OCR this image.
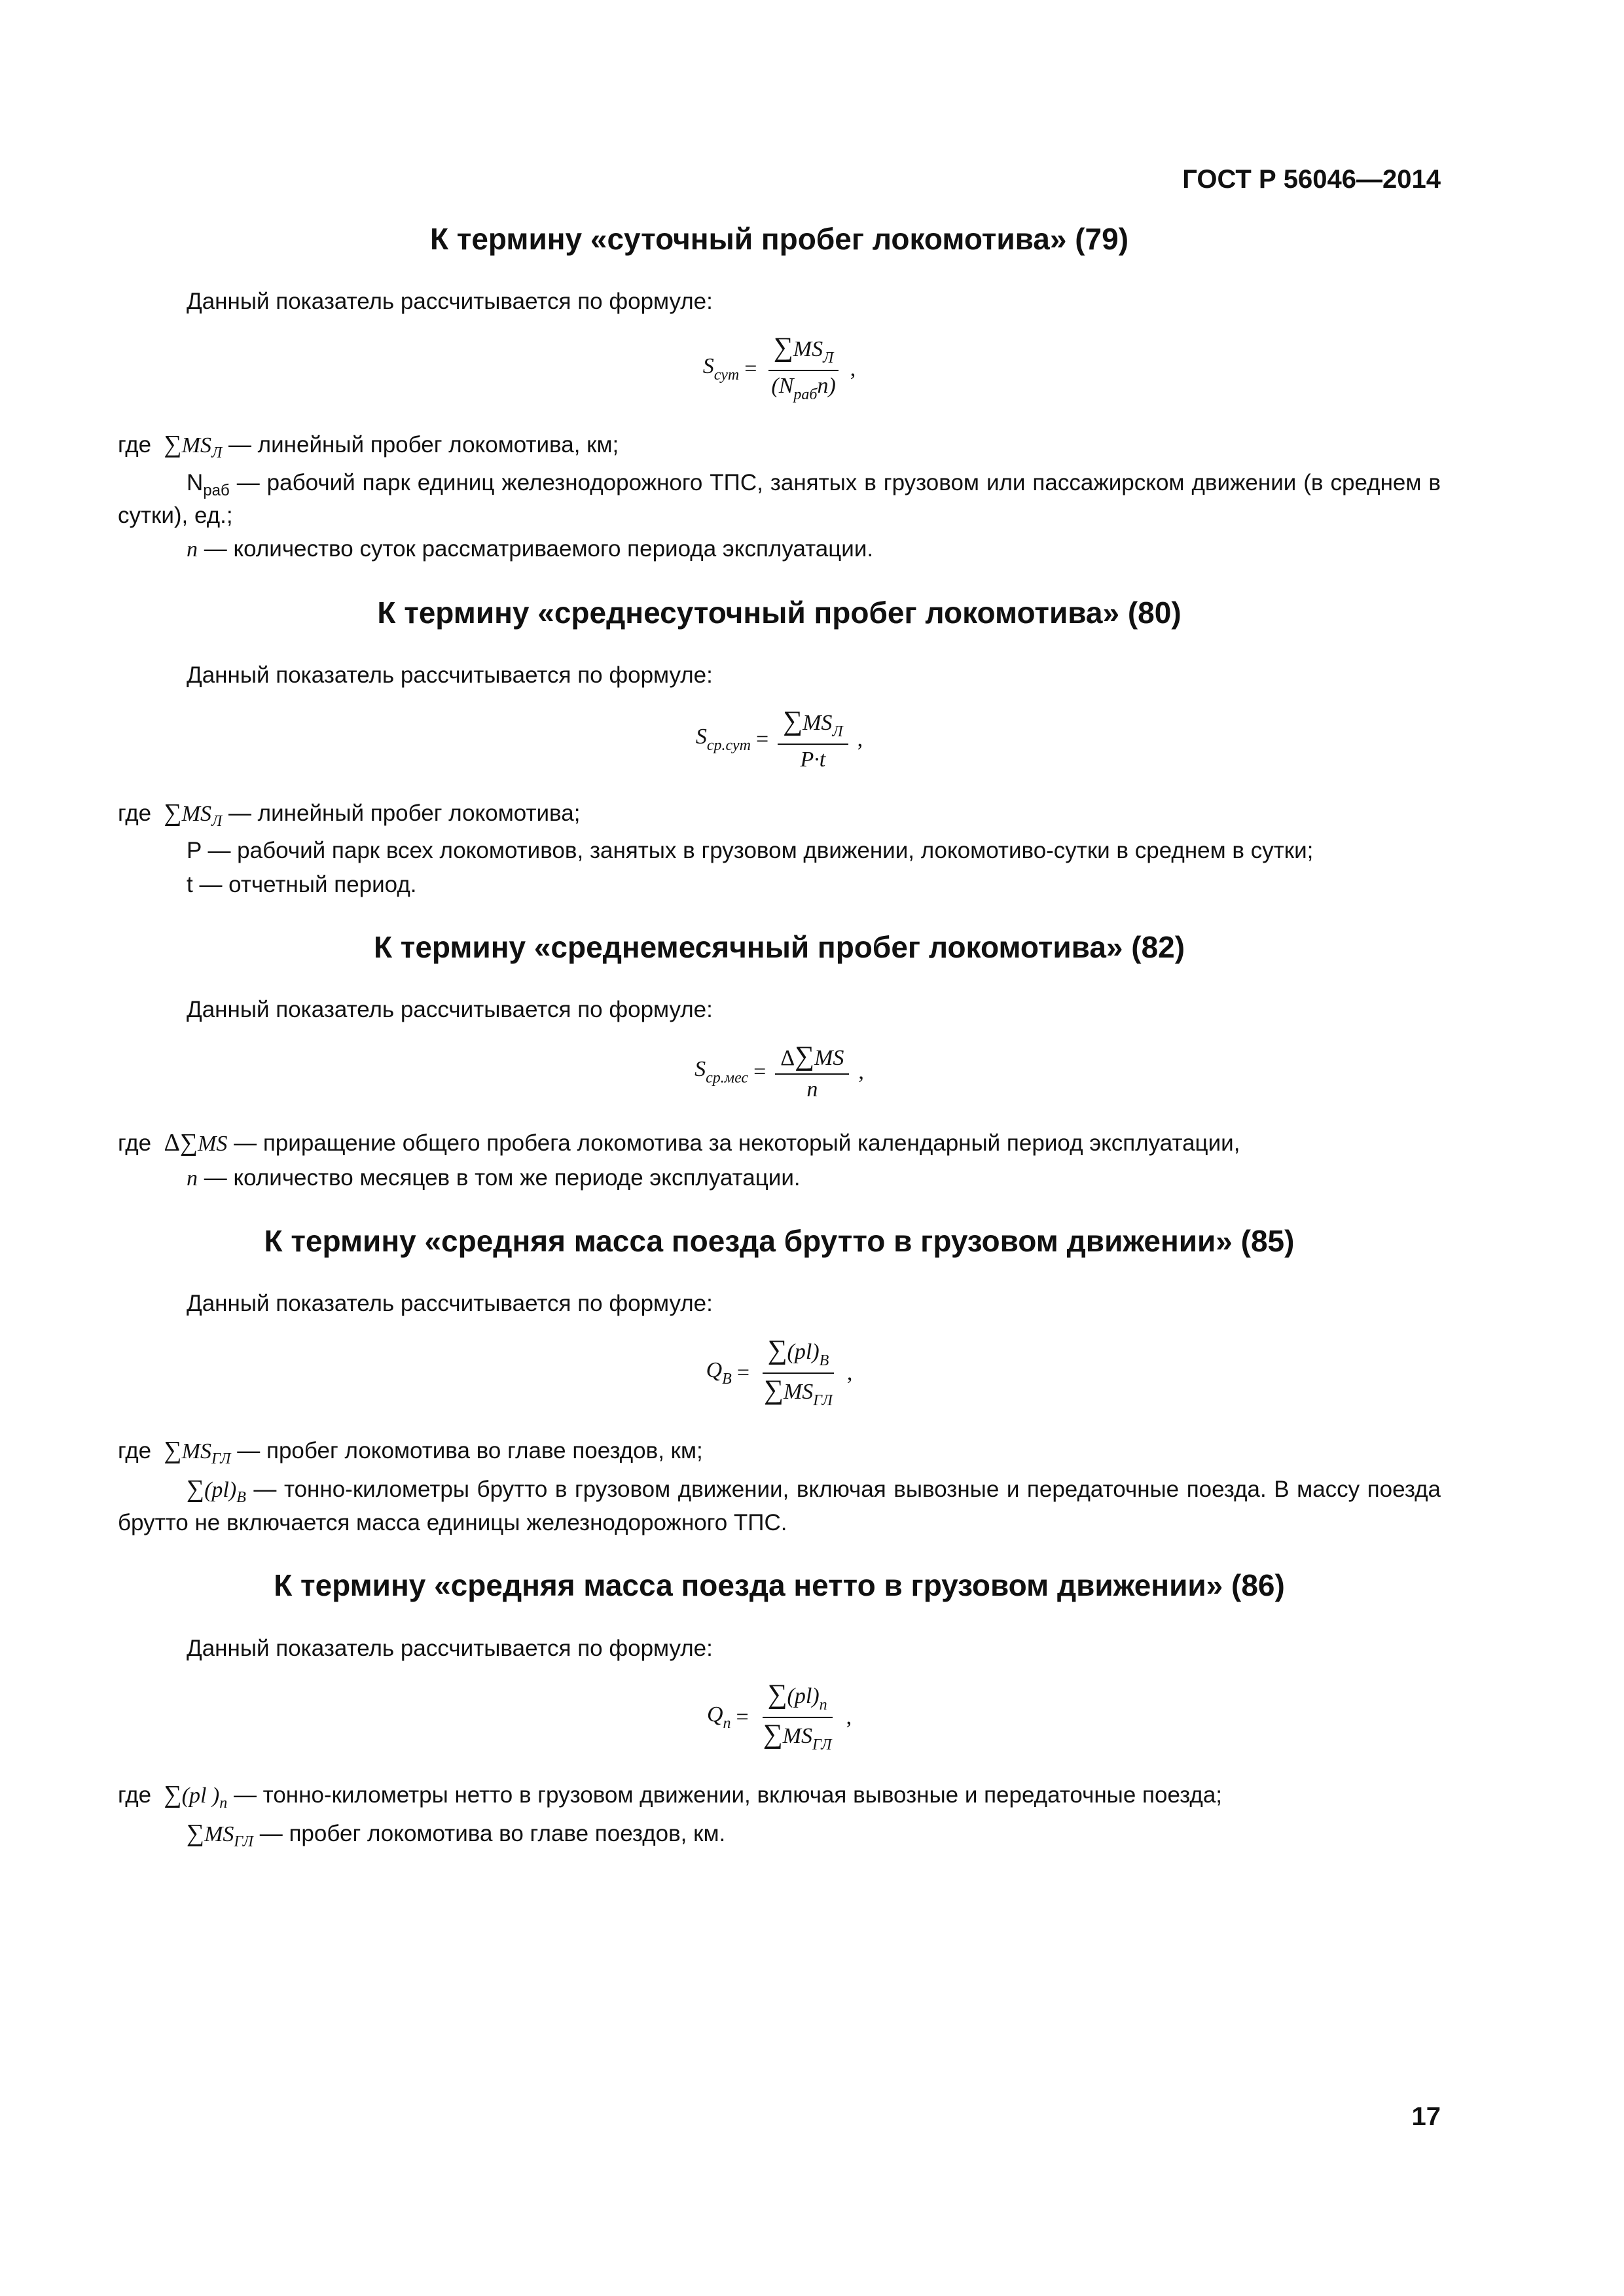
ГОСТ Р 56046—2014
К термину «суточный пробег локомотива» (79)

Данный показатель рассчитывается по формуле:

$S_{сут} = \frac{\sum MS_Л}{(N_{раб}n)}$ ,

где $\sum MS_Л$ — линейный пробег локомотива, км;

$N_{раб}$ — рабочий парк единиц железнодорожного ТПС, занятых в грузовом или пассажирском движении (в среднем в сутки), ед.;

n — количество суток рассматриваемого периода эксплуатации.

К термину «среднесуточный пробег локомотива» (80)

Данный показатель рассчитывается по формуле:

$S_{ср.сут} = \frac{\sum MS_Л}{P\cdot t}$ ,

где $\sum MS_Л$ — линейный пробег локомотива;

P — рабочий парк всех локомотивов, занятых в грузовом движении, локомотиво-сутки в среднем в сутки;

t — отчетный период.

К термину «среднемесячный пробег локомотива» (82)

Данный показатель рассчитывается по формуле:

$S_{ср.мес} = \frac{\Delta\sum MS}{n}$ ,

где Δ∑MS — приращение общего пробега локомотива за некоторый календарный период эксплуатации,

n — количество месяцев в том же периоде эксплуатации.

К термину «средняя масса поезда брутто в грузовом движении» (85)

Данный показатель рассчитывается по формуле:

$Q_B = \frac{\sum(pl)_B}{\sum MS_{ГЛ}}$ ,

где $\sum MS_{ГЛ}$ — пробег локомотива во главе поездов, км;

$\sum(pl)_B$ — тонно-километры брутто в грузовом движении, включая вывозные и передаточные поезда. В массу поезда брутто не включается масса единицы железнодорожного ТПС.

К термину «средняя масса поезда нетто в грузовом движении» (86)

Данный показатель рассчитывается по формуле:

$Q_п = \frac{\sum(pl)_n}{\sum MS_{ГЛ}}$ ,

где ∑(pl )$_n$ — тонно-километры нетто в грузовом движении, включая вывозные и передаточные поезда;

$\sum MS_{ГЛ}$ — пробег локомотива во главе поездов, км.

17
